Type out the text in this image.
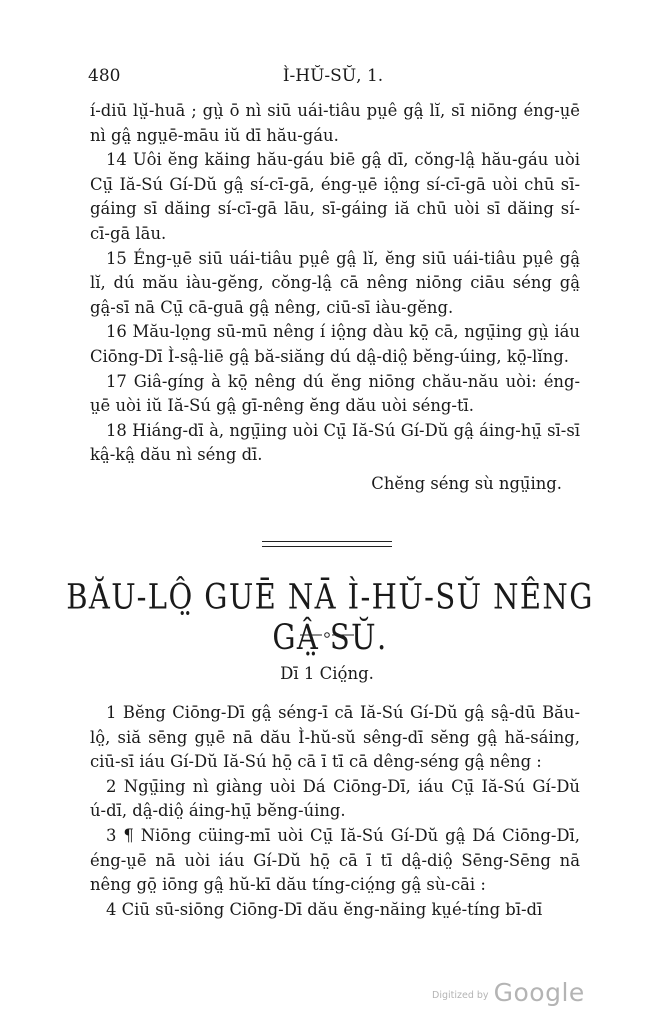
480	Ì-HŬ-SŬ, 1.

í-diū lṳ̆-huā ; gṳ̀ ō nì siū uái-tiâu pṳê gâ̤ lĭ, sī niōng éng-ṳē nì gâ̤ ngṳē-māu iŭ dī hău-gáu.

14 Uôi ĕng kăing hău-gáu biē gâ̤ dī, cŏng-lâ̤ hău-gáu uòi Cṳ̄ Iă-Sú Gí-Dŭ gâ̤ sí-cī-gā, éng-ṳē iô̤ng sí-cī-gā uòi chū sī-gáing sī dăing sí-cī-gā lāu, sī-gáing iă chū uòi sī dăing sí-cī-gā lāu.

15 Éng-ṳē siū uái-tiâu pṳê gâ̤ lĭ, ĕng siū uái-tiâu pṳê gâ̤ lĭ, dú mău iàu-gĕng, cŏng-lâ̤ cā nêng niōng ciāu séng gâ̤ gâ̤-sī nā Cṳ̄ cā-guā gâ̤ nêng, ciū-sī iàu-gĕng.

16 Mău-lo̤ng sū-mū nêng í iô̤ng dàu kō̤ cā, ngṳ̄ing gṳ̀ iáu Ciōng-Dī Ì-sâ̤-liē gâ̤ bă-siăng dú dâ̤-diô̤ bĕng-úing, kō̤-lĭng.

17 Giâ-gíng à kō̤ nêng dú ĕng niōng chău-nău uòi: éng-ṳē uòi iŭ Iă-Sú gâ̤ gī-nêng ĕng dău uòi séng-tī.

18 Hiáng-dī à, ngṳ̄ing uòi Cṳ̄ Iă-Sú Gí-Dŭ gâ̤ áing-hṳ̄ sī-sī kâ̤-kâ̤ dău nì séng dī.

Chĕng séng sù ngṳ̄ing.

BĂU-LÔ̤ GUĒ NĀ Ì-HŬ-SŬ NÊNG GÂ̤ SŬ.
Dī 1 Ció̤ng.

1 Bĕng Ciōng-Dī gâ̤ séng-ī cā Iă-Sú Gí-Dŭ gâ̤ sâ̤-dū Bău-lô̤, siă sēng gṳē nā dău Ì-hŭ-sŭ sêng-dī sĕng gâ̤ hă-sáing, ciū-sī iáu Gí-Dŭ Iă-Sú hō̤ cā ī tī cā dêng-séng gâ̤ nêng :

2 Ngṳ̄ing nì giàng uòi Dá Ciōng-Dī, iáu Cṳ̄ Iă-Sú Gí-Dŭ ú-dī, dâ̤-diô̤ áing-hṳ̄ bĕng-úing.

3 ¶ Niōng cüing-mī uòi Cṳ̄ Iă-Sú Gí-Dŭ gâ̤ Dá Ciōng-Dī, éng-ṳē nā uòi iáu Gí-Dŭ hō̤ cā ī tī dâ̤-diô̤ Sēng-Sēng nā nêng gō̤ iōng gâ̤ hŭ-kī dău tíng-ció̤ng gâ̤ sù-cāi :

4 Ciū sū-siōng Ciōng-Dī dău ĕng-năing kṳé-tíng bī-dī

Digitized by Google
